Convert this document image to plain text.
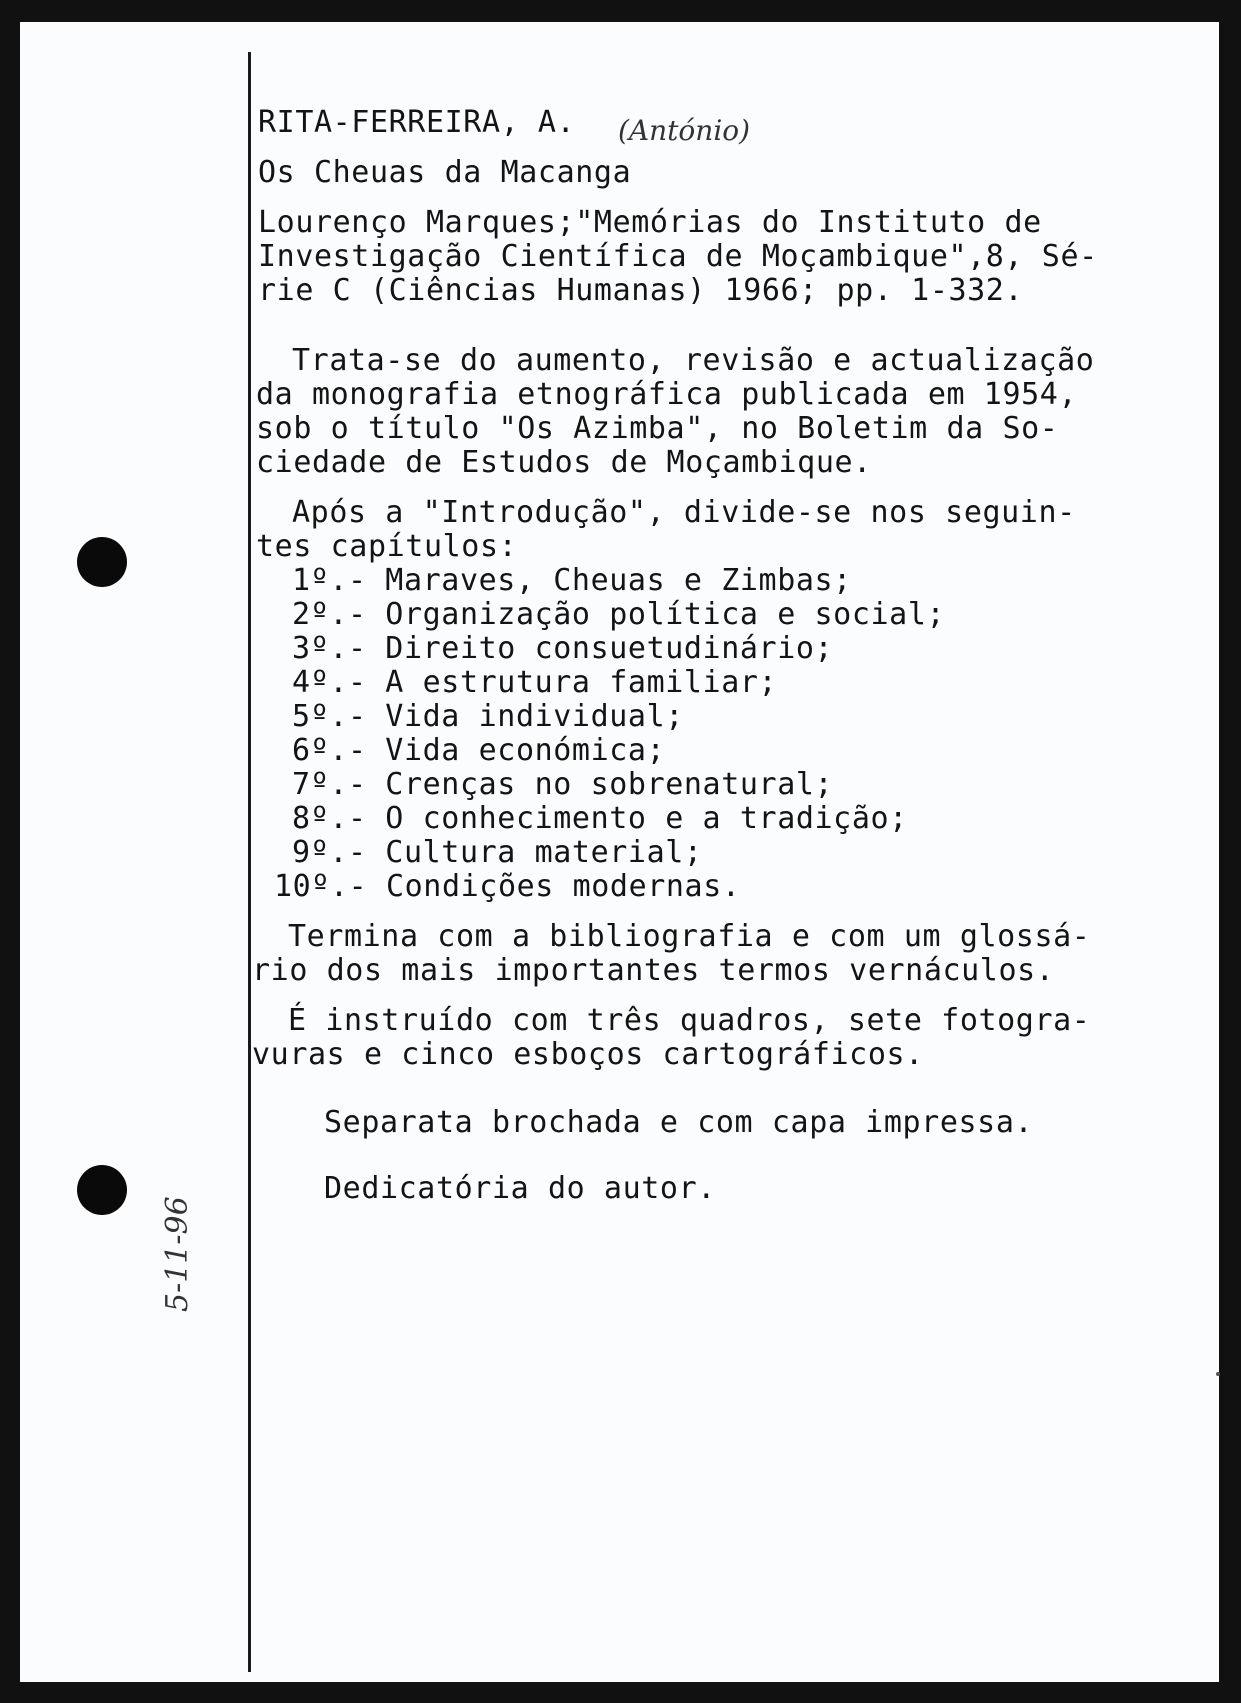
RITA-FERREIRA, A. (António)
Os Cheuas da Macanga
Lourenço Marques;"Memórias do Instituto de
Investigação Científica de Moçambique",8, Sé-
rie C (Ciências Humanas) 1966; pp. 1-332.
Trata-se do aumento, revisão e actualização
da monografia etnográfica publicada em 1954,
sob o título "Os Azimba", no Boletim da So-
ciedade de Estudos de Moçambique.
Após a "Introdução", divide-se nos seguin-
tes capítulos:
1º.- Maraves, Cheuas e Zimbas;
2º.- Organização política e social;
3º.- Direito consuetudinário;
4º.- A estrutura familiar;
5º.- Vida individual;
6º.- Vida económica;
7º.- Crenças no sobrenatural;
8º.- O conhecimento e a tradição;
9º.- Cultura material;
10º.- Condições modernas.
Termina com a bibliografia e com um glossá-
rio dos mais importantes termos vernáculos.
É instruído com três quadros, sete fotogra-
vuras e cinco esboços cartográficos.
Separata brochada e com capa impressa.
Dedicatória do autor.
5-11-96
